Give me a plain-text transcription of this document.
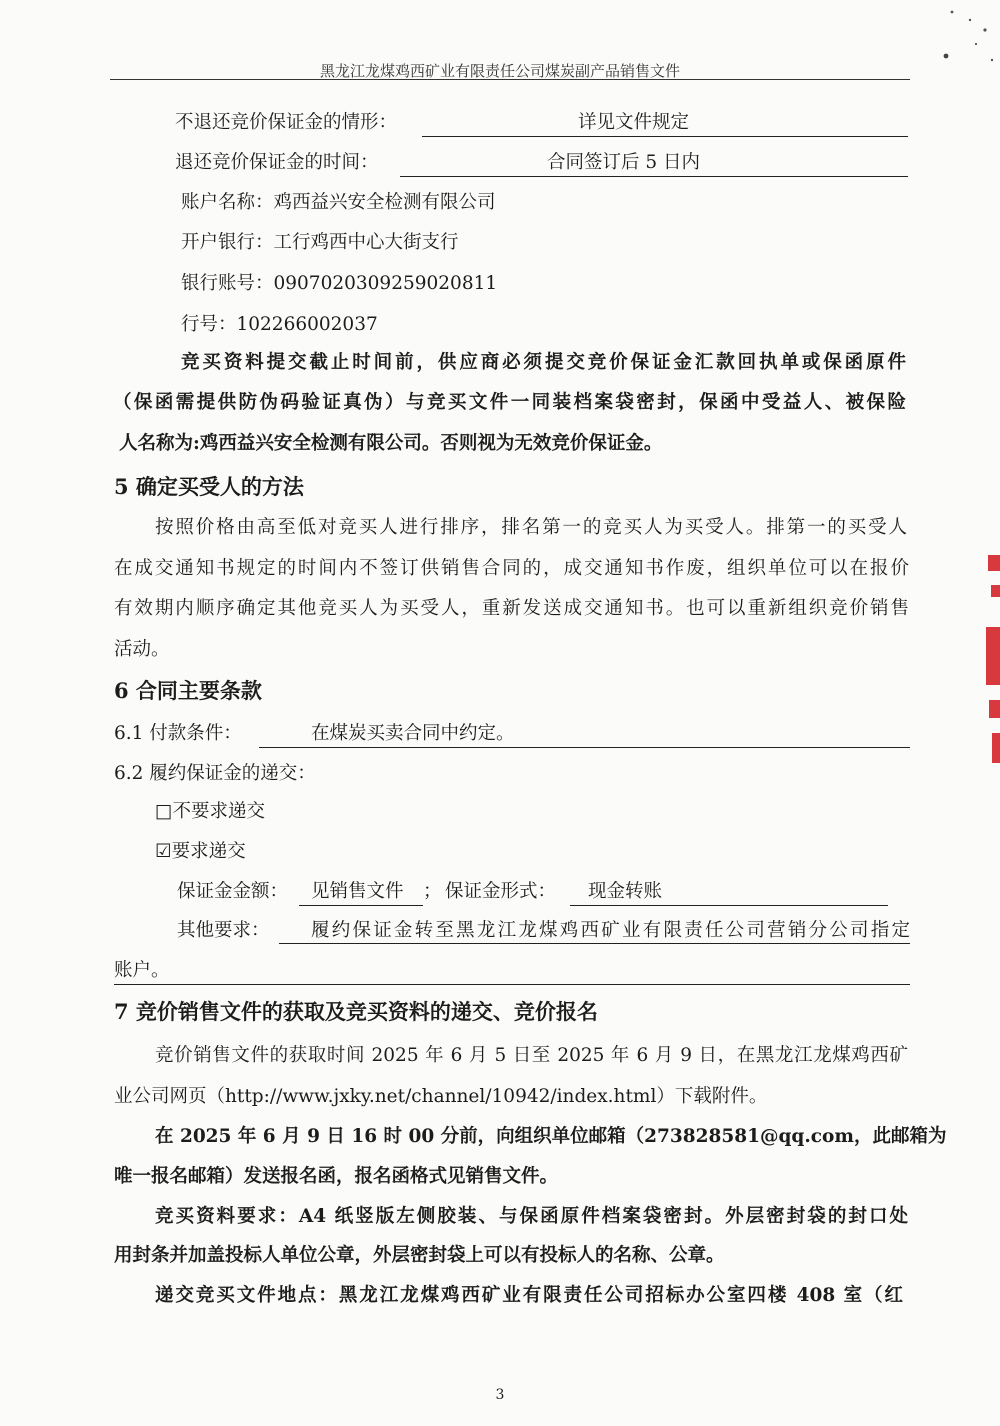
黑龙江龙煤鸡西矿业有限责任公司煤炭副产品销售文件
不退还竞价保证金的情形：	详见文件规定
退还竞价保证金的时间：	合同签订后 5 日内
账户名称：鸡西益兴安全检测有限公司
开户银行：工行鸡西中心大街支行
银行账号：0907020309259020811
行号：102266002037
竞买资料提交截止时间前，供应商必须提交竞价保证金汇款回执单或保函原件
（保函需提供防伪码验证真伪）与竞买文件一同装档案袋密封，保函中受益人、被保险
人名称为:鸡西益兴安全检测有限公司。否则视为无效竞价保证金。
5 确定买受人的方法
按照价格由高至低对竞买人进行排序，排名第一的竞买人为买受人。排第一的买受人
在成交通知书规定的时间内不签订供销售合同的，成交通知书作废，组织单位可以在报价
有效期内顺序确定其他竞买人为买受人，重新发送成交通知书。也可以重新组织竞价销售
活动。
6 合同主要条款
6.1 付款条件：	在煤炭买卖合同中约定。
6.2 履约保证金的递交：
□不要求递交
☑要求递交
保证金金额： 见销售文件 ； 保证金形式： 现金转账
其他要求：	履约保证金转至黑龙江龙煤鸡西矿业有限责任公司营销分公司指定
账户。
7 竞价销售文件的获取及竞买资料的递交、竞价报名
竞价销售文件的获取时间 2025 年 6 月 5 日至 2025 年 6 月 9 日，在黑龙江龙煤鸡西矿
业公司网页（http://www.jxky.net/channel/10942/index.html）下载附件。
在 2025 年 6 月 9 日 16 时 00 分前，向组织单位邮箱（273828581@qq.com，此邮箱为
唯一报名邮箱）发送报名函，报名函格式见销售文件。
竞买资料要求：A4 纸竖版左侧胶装、与保函原件档案袋密封。外层密封袋的封口处
用封条并加盖投标人单位公章，外层密封袋上可以有投标人的名称、公章。
递交竞买文件地点：黑龙江龙煤鸡西矿业有限责任公司招标办公室四楼 408 室（红
3
